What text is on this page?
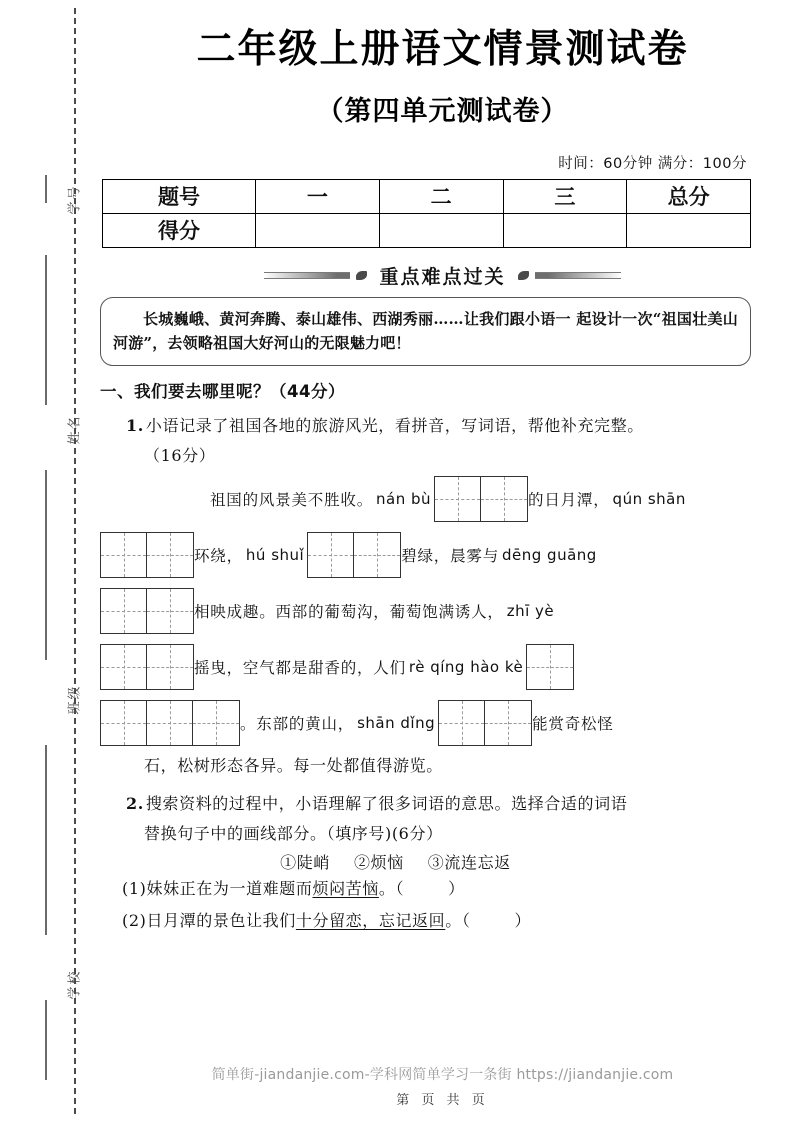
学号
姓名
班级
学校
二年级上册语文情景测试卷
（第四单元测试卷）
时间：60分钟 满分：100分
题号	一	二	三	总分
得分				
重点难点过关
长城巍峨、黄河奔腾、泰山雄伟、西湖秀丽……让我们跟小语一 起设计一次“祖国壮美山河游”，去领略祖国大好河山的无限魅力吧！
一、我们要去哪里呢？（44分）
1. 小语记录了祖国各地的旅游风光，看拼音，写词语，帮他补充完整。
（16分）
祖国的风景美不胜收。 nán bù	的日月潭， qún shān
环绕， hú shuǐ	碧绿，晨雾与 dēng guāng
相映成趣。西部的葡萄沟，葡萄饱满诱人， zhī yè
摇曳，空气都是甜香的，人们 rè qíng hào kè
。东部的黄山， shān dǐng	能赏奇松怪
石，松树形态各异。每一处都值得游览。
2. 搜索资料的过程中，小语理解了很多词语的意思。选择合适的词语
替换句子中的画线部分。（填序号)(6分）
①陡峭 ②烦恼 ③流连忘返
(1)妹妹正在为一道难题而烦闷苦恼。（	）
(2)日月潭的景色让我们十分留恋，忘记返回。（	）
简单街-jiandanjie.com-学科网简单学习一条街 https://jiandanjie.com
第 页 共 页
